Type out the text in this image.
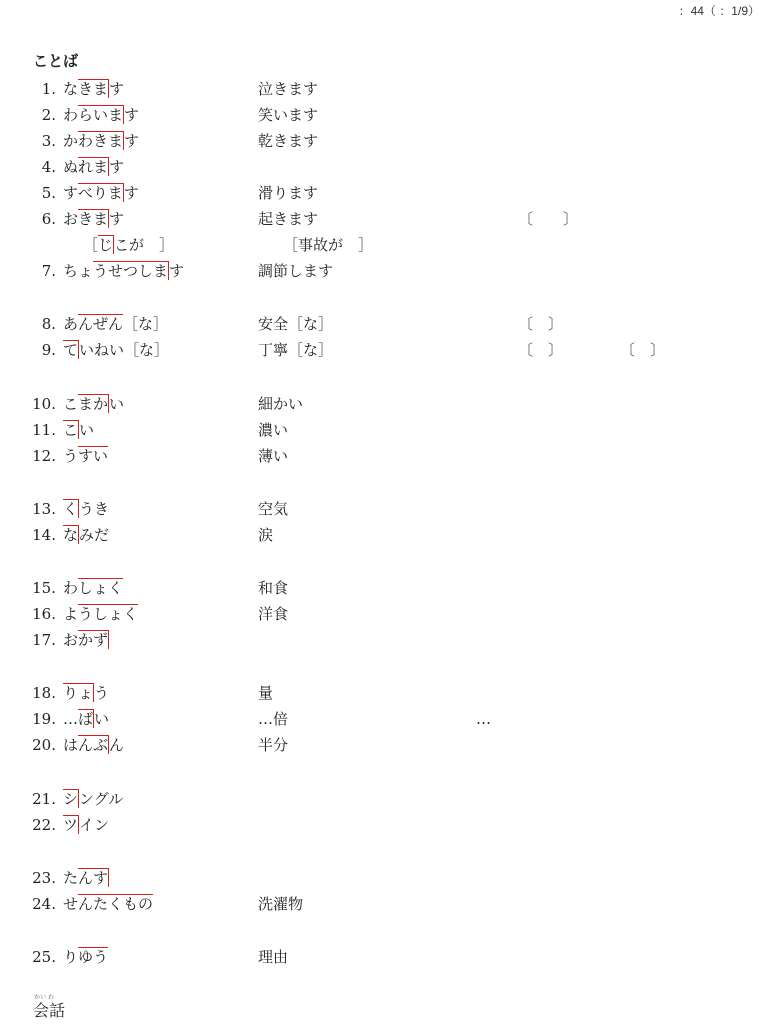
：44（ ：1/9）
ことば
1. なきます	泣きます
2. わらいます	笑います
3. かわきます	乾きます
4. ぬれます
5. すべります	滑ります
6. おきます	起きます	〔　　〕
［じこが　］	［事故が　］
7. ちょうせつします	調節します
8. あんぜん［な］	安全［な］	〔　〕
9. ていねい［な］	丁寧［な］	〔　〕	〔　〕
10. こまかい	細かい
11. こい	濃い
12. うすい	薄い
13. くうき	空気
14. なみだ	涙
15. わしょく	和食
16. ようしょく	洋食
17. おかず
18. りょう	量
19. …ばい	…倍	…
20. はんぶん	半分
21. シングル
22. ツイン
23. たんす
24. せんたくもの	洗濯物
25. りゆう	理由
かい わ
会話
